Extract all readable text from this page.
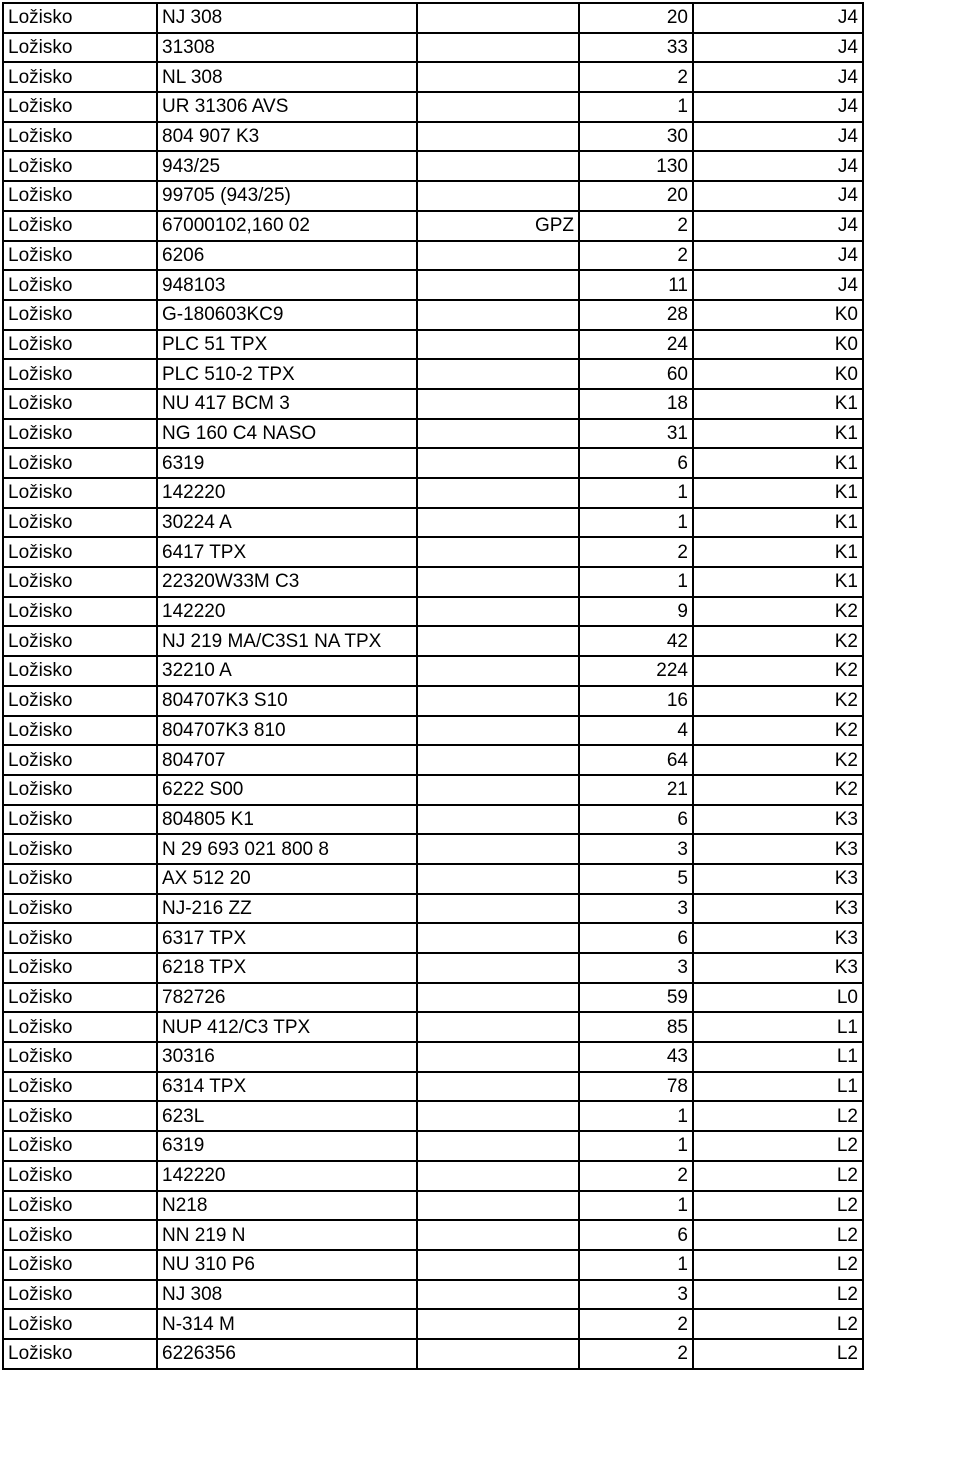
Ložisko	NJ 308		20	J4
Ložisko	31308		33	J4
Ložisko	NL 308		2	J4
Ložisko	UR 31306 AVS		1	J4
Ložisko	804 907 K3		30	J4
Ložisko	943/25		130	J4
Ložisko	99705 (943/25)		20	J4
Ložisko	67000102,160 02	GPZ	2	J4
Ložisko	6206		2	J4
Ložisko	948103		11	J4
Ložisko	G-180603KC9		28	K0
Ložisko	PLC 51 TPX		24	K0
Ložisko	PLC 510-2 TPX		60	K0
Ložisko	NU 417 BCM 3		18	K1
Ložisko	NG 160 C4 NASO		31	K1
Ložisko	6319		6	K1
Ložisko	142220		1	K1
Ložisko	30224 A		1	K1
Ložisko	6417 TPX		2	K1
Ložisko	22320W33M C3		1	K1
Ložisko	142220		9	K2
Ložisko	NJ 219 MA/C3S1 NA TPX		42	K2
Ložisko	32210 A		224	K2
Ložisko	804707K3 S10		16	K2
Ložisko	804707K3 810		4	K2
Ložisko	804707		64	K2
Ložisko	6222 S00		21	K2
Ložisko	804805 K1		6	K3
Ložisko	N 29 693 021 800 8		3	K3
Ložisko	AX 512 20		5	K3
Ložisko	NJ-216 ZZ		3	K3
Ložisko	6317 TPX		6	K3
Ložisko	6218 TPX		3	K3
Ložisko	782726		59	L0
Ložisko	NUP 412/C3 TPX		85	L1
Ložisko	30316		43	L1
Ložisko	6314 TPX		78	L1
Ložisko	623L		1	L2
Ložisko	6319		1	L2
Ložisko	142220		2	L2
Ložisko	N218		1	L2
Ložisko	NN 219 N		6	L2
Ložisko	NU 310 P6		1	L2
Ložisko	NJ 308		3	L2
Ložisko	N-314 M		2	L2
Ložisko	6226356		2	L2
